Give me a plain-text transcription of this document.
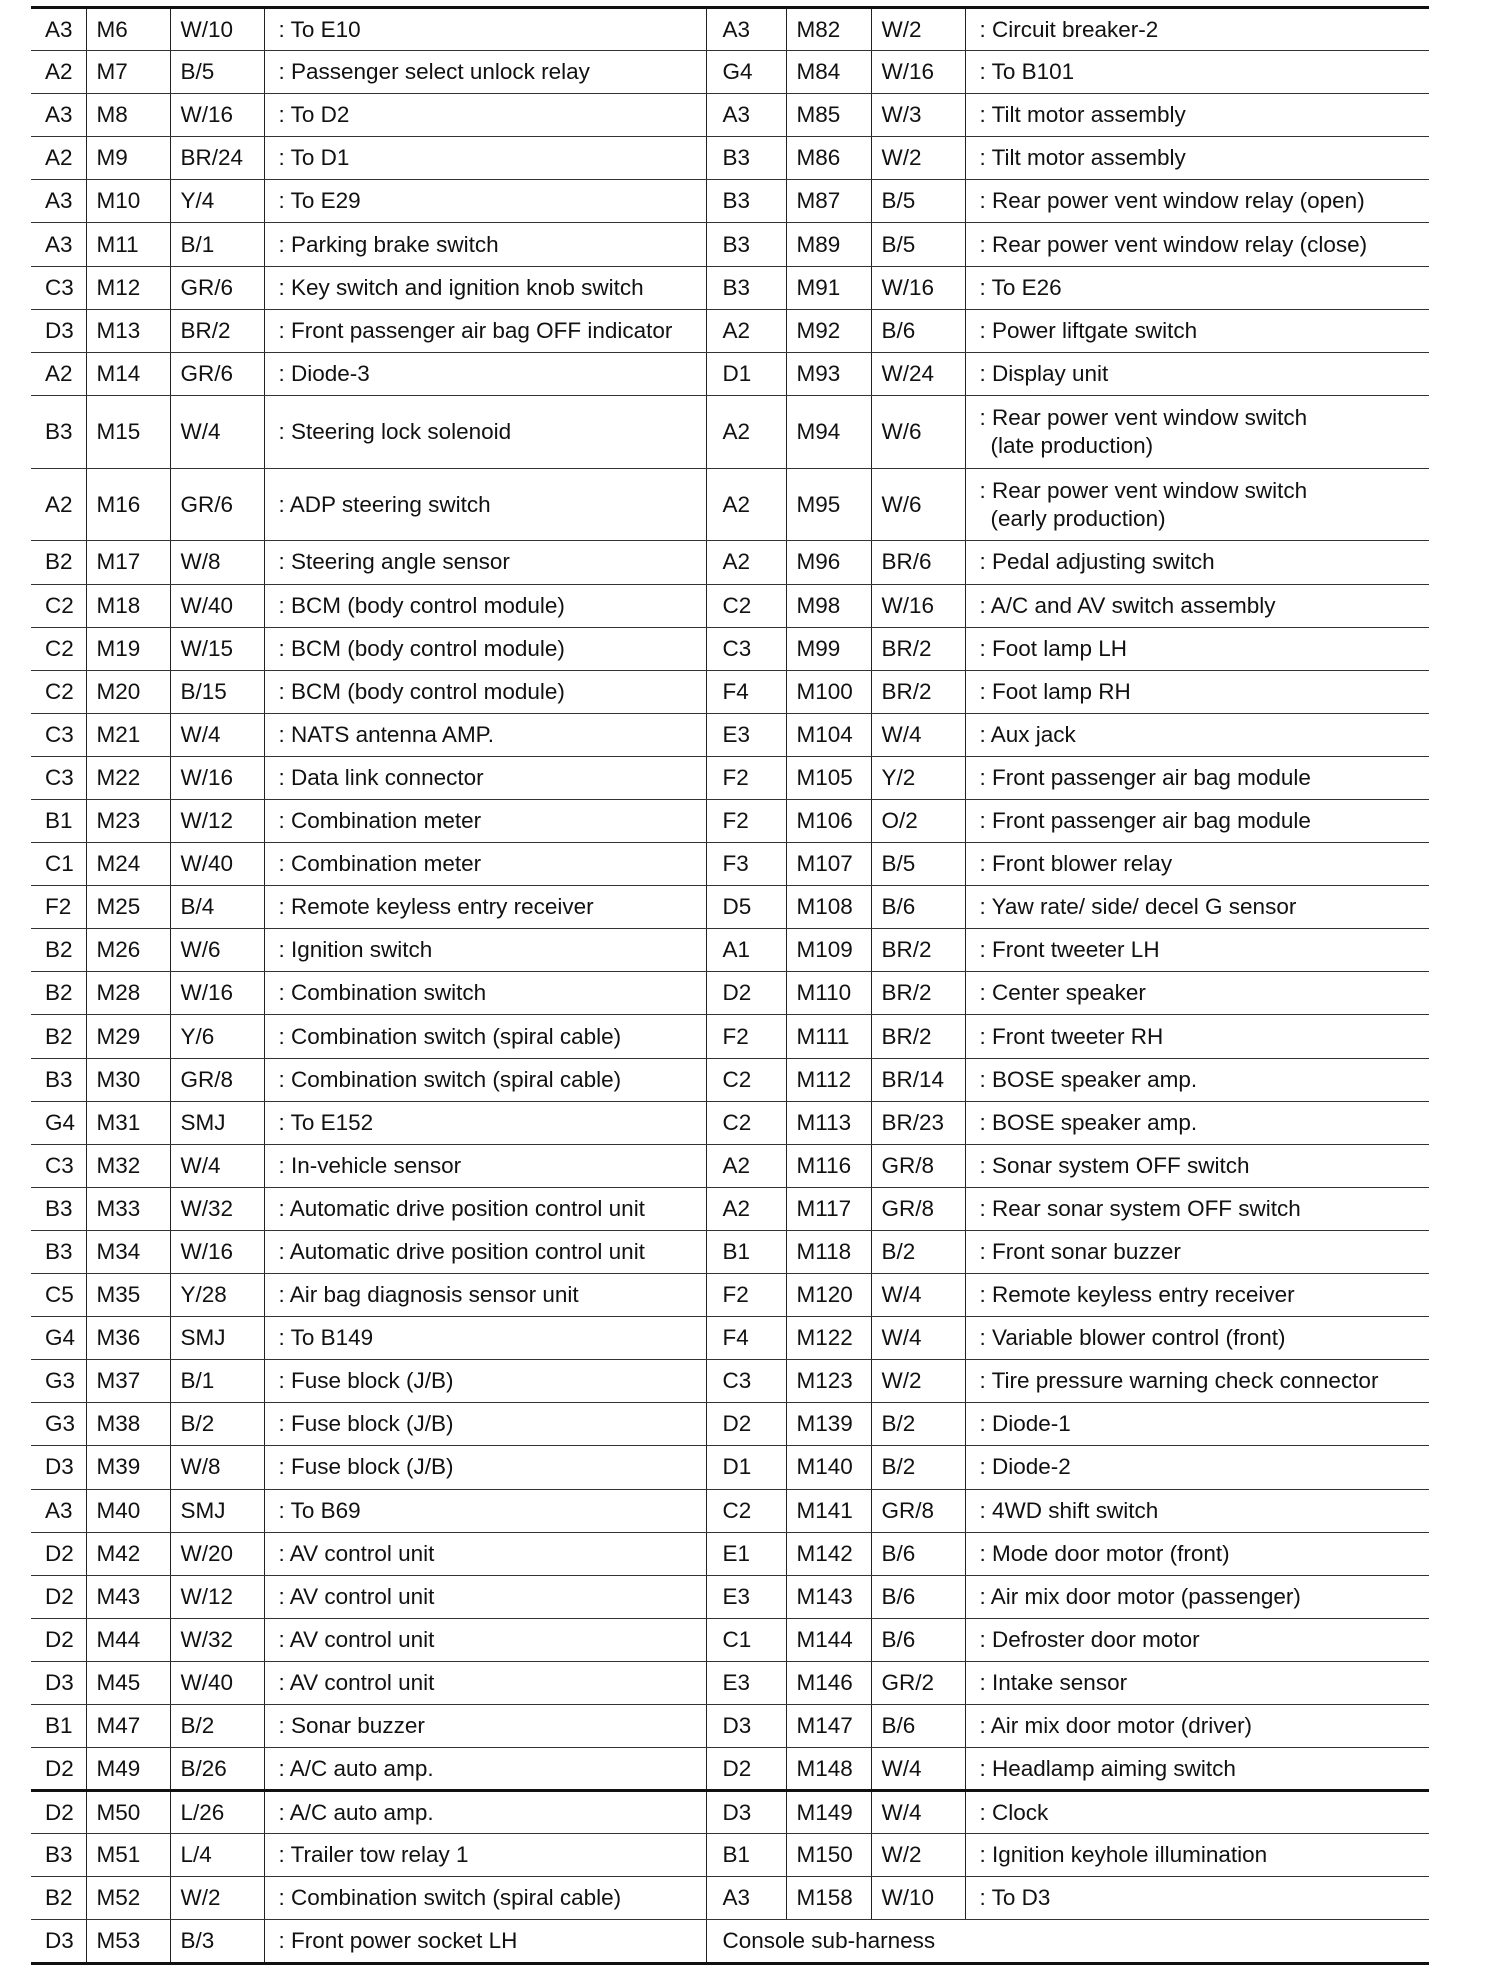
A3	M6	W/10	: To E10	A3	M82	W/2	: Circuit breaker-2
A2	M7	B/5	: Passenger select unlock relay	G4	M84	W/16	: To B101
A3	M8	W/16	: To D2	A3	M85	W/3	: Tilt motor assembly
A2	M9	BR/24	: To D1	B3	M86	W/2	: Tilt motor assembly
A3	M10	Y/4	: To E29	B3	M87	B/5	: Rear power vent window relay (open)
A3	M11	B/1	: Parking brake switch	B3	M89	B/5	: Rear power vent window relay (close)
C3	M12	GR/6	: Key switch and ignition knob switch	B3	M91	W/16	: To E26
D3	M13	BR/2	: Front passenger air bag OFF indicator	A2	M92	B/6	: Power liftgate switch
A2	M14	GR/6	: Diode-3	D1	M93	W/24	: Display unit
B3	M15	W/4	: Steering lock solenoid	A2	M94	W/6	: Rear power vent window switch
(late production)

A2	M16	GR/6	: ADP steering switch	A2	M95	W/6	: Rear power vent window switch
(early production)

B2	M17	W/8	: Steering angle sensor	A2	M96	BR/6	: Pedal adjusting switch
C2	M18	W/40	: BCM (body control module)	C2	M98	W/16	: A/C and AV switch assembly
C2	M19	W/15	: BCM (body control module)	C3	M99	BR/2	: Foot lamp LH
C2	M20	B/15	: BCM (body control module)	F4	M100	BR/2	: Foot lamp RH
C3	M21	W/4	: NATS antenna AMP.	E3	M104	W/4	: Aux jack
C3	M22	W/16	: Data link connector	F2	M105	Y/2	: Front passenger air bag module
B1	M23	W/12	: Combination meter	F2	M106	O/2	: Front passenger air bag module
C1	M24	W/40	: Combination meter	F3	M107	B/5	: Front blower relay
F2	M25	B/4	: Remote keyless entry receiver	D5	M108	B/6	: Yaw rate/ side/ decel G sensor
B2	M26	W/6	: Ignition switch	A1	M109	BR/2	: Front tweeter LH
B2	M28	W/16	: Combination switch	D2	M110	BR/2	: Center speaker
B2	M29	Y/6	: Combination switch (spiral cable)	F2	M111	BR/2	: Front tweeter RH
B3	M30	GR/8	: Combination switch (spiral cable)	C2	M112	BR/14	: BOSE speaker amp.
G4	M31	SMJ	: To E152	C2	M113	BR/23	: BOSE speaker amp.
C3	M32	W/4	: In-vehicle sensor	A2	M116	GR/8	: Sonar system OFF switch
B3	M33	W/32	: Automatic drive position control unit	A2	M117	GR/8	: Rear sonar system OFF switch
B3	M34	W/16	: Automatic drive position control unit	B1	M118	B/2	: Front sonar buzzer
C5	M35	Y/28	: Air bag diagnosis sensor unit	F2	M120	W/4	: Remote keyless entry receiver
G4	M36	SMJ	: To B149	F4	M122	W/4	: Variable blower control (front)
G3	M37	B/1	: Fuse block (J/B)	C3	M123	W/2	: Tire pressure warning check connector
G3	M38	B/2	: Fuse block (J/B)	D2	M139	B/2	: Diode-1
D3	M39	W/8	: Fuse block (J/B)	D1	M140	B/2	: Diode-2
A3	M40	SMJ	: To B69	C2	M141	GR/8	: 4WD shift switch
D2	M42	W/20	: AV control unit	E1	M142	B/6	: Mode door motor (front)
D2	M43	W/12	: AV control unit	E3	M143	B/6	: Air mix door motor (passenger)
D2	M44	W/32	: AV control unit	C1	M144	B/6	: Defroster door motor
D3	M45	W/40	: AV control unit	E3	M146	GR/2	: Intake sensor
B1	M47	B/2	: Sonar buzzer	D3	M147	B/6	: Air mix door motor (driver)
D2	M49	B/26	: A/C auto amp.	D2	M148	W/4	: Headlamp aiming switch
D2	M50	L/26	: A/C auto amp.	D3	M149	W/4	: Clock
B3	M51	L/4	: Trailer tow relay 1	B1	M150	W/2	: Ignition keyhole illumination
B2	M52	W/2	: Combination switch (spiral cable)	A3	M158	W/10	: To D3
D3	M53	B/3	: Front power socket LH	Console sub-harness			
